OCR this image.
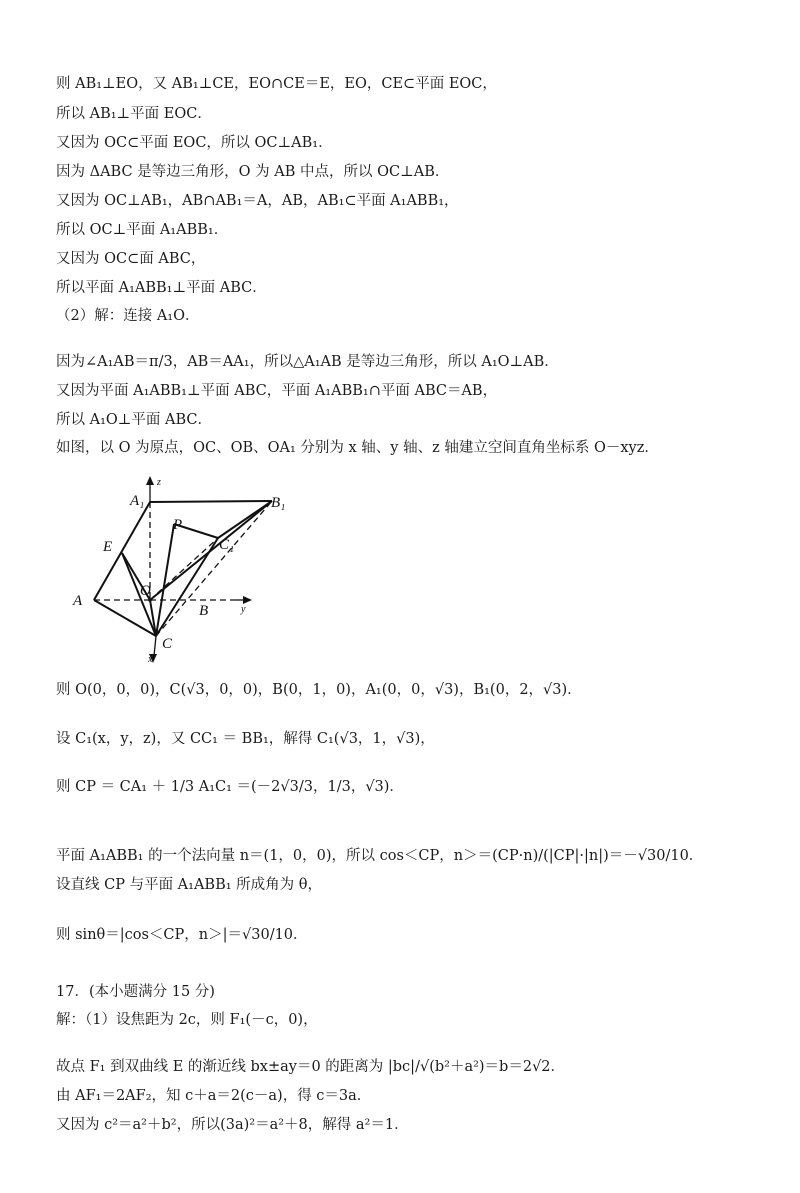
则 AB₁⊥EO，又 AB₁⊥CE，EO∩CE＝E，EO，CE⊂平面 EOC，
所以 AB₁⊥平面 EOC．
又因为 OC⊂平面 EOC，所以 OC⊥AB₁．
因为 ΔABC 是等边三角形，O 为 AB 中点，所以 OC⊥AB．
又因为 OC⊥AB₁，AB∩AB₁＝A，AB，AB₁⊂平面 A₁ABB₁，
所以 OC⊥平面 A₁ABB₁．
又因为 OC⊂面 ABC，
所以平面 A₁ABB₁⊥平面 ABC．
（2）解：连接 A₁O．
因为∠A₁AB＝π/3，AB＝AA₁，所以△A₁AB 是等边三角形，所以 A₁O⊥AB．
又因为平面 A₁ABB₁⊥平面 ABC，平面 A₁ABB₁∩平面 ABC＝AB，
所以 A₁O⊥平面 ABC．
如图，以 O 为原点，OC、OB、OA₁ 分别为 x 轴、y 轴、z 轴建立空间直角坐标系 O－xyz．
A₁	B₁
P
E	C₁
A
O
B
C
z
y
x
则 O(0，0，0)，C(√3，0，0)，B(0，1，0)，A₁(0，0，√3)，B₁(0，2，√3)．
设 C₁(x，y，z)，又 CC₁ ＝ BB₁，解得 C₁(√3，1，√3)，
则 CP ＝ CA₁ ＋ 1/3 A₁C₁ ＝(－2√3/3，1/3，√3)．
平面 A₁ABB₁ 的一个法向量 n＝(1，0，0)，所以 cos＜CP，n＞＝(CP·n)/(|CP|·|n|)＝－√30/10．
设直线 CP 与平面 A₁ABB₁ 所成角为 θ，
则 sinθ＝|cos＜CP，n＞|＝√30/10．
17．(本小题满分 15 分)
解：（1）设焦距为 2c，则 F₁(－c，0)，
故点 F₁ 到双曲线 E 的渐近线 bx±ay＝0 的距离为 |bc|/√(b²＋a²)＝b＝2√2．
由 AF₁＝2AF₂，知 c＋a＝2(c－a)，得 c＝3a．
又因为 c²＝a²＋b²，所以(3a)²＝a²＋8，解得 a²＝1．
